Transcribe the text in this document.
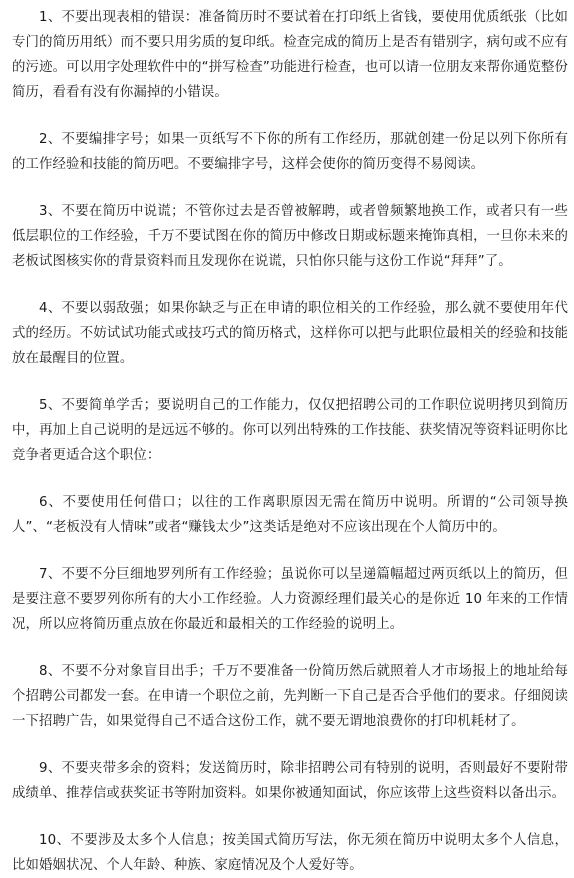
1、不要出现表相的错误：准备简历时不要试着在打印纸上省钱，要使用优质纸张（比如专门的简历用纸）而不要只用劣质的复印纸。检查完成的简历上是否有错别字，病句或不应有的污迹。可以用字处理软件中的“拼写检查”功能进行检查，也可以请一位朋友来帮你通览整份简历，看看有没有你漏掉的小错误。

2、不要编排字号；如果一页纸写不下你的所有工作经历，那就创建一份足以列下你所有的工作经验和技能的简历吧。不要编排字号，这样会使你的简历变得不易阅读。

3、不要在简历中说谎；不管你过去是否曾被解聘，或者曾频繁地换工作，或者只有一些低层职位的工作经验，千万不要试图在你的简历中修改日期或标题来掩饰真相，一旦你未来的老板试图核实你的背景资料而且发现你在说谎，只怕你只能与这份工作说“拜拜”了。

4、不要以弱敌强；如果你缺乏与正在申请的职位相关的工作经验，那么就不要使用年代式的经历。不妨试试功能式或技巧式的简历格式，这样你可以把与此职位最相关的经验和技能放在最醒目的位置。

5、不要简单学舌；要说明自己的工作能力，仅仅把招聘公司的工作职位说明拷贝到简历中，再加上自己说明的是远远不够的。你可以列出特殊的工作技能、获奖情况等资料证明你比竞争者更适合这个职位：

6、不要使用任何借口；以往的工作离职原因无需在简历中说明。所谓的“公司领导换人”、“老板没有人情味”或者“赚钱太少”这类话是绝对不应该出现在个人简历中的。

7、不要不分巨细地罗列所有工作经验；虽说你可以呈递篇幅超过两页纸以上的简历，但是要注意不要罗列你所有的大小工作经验。人力资源经理们最关心的是你近 10 年来的工作情况，所以应将简历重点放在你最近和最相关的工作经验的说明上。

8、不要不分对象盲目出手；千万不要准备一份简历然后就照着人才市场报上的地址给每个招聘公司都发一套。在申请一个职位之前，先判断一下自己是否合乎他们的要求。仔细阅读一下招聘广告，如果觉得自己不适合这份工作，就不要无谓地浪费你的打印机耗材了。

9、不要夹带多余的资料；发送简历时，除非招聘公司有特别的说明，否则最好不要附带成绩单、推荐信或获奖证书等附加资料。如果你被通知面试，你应该带上这些资料以备出示。

10、不要涉及太多个人信息；按美国式简历写法，你无须在简历中说明太多个人信息，比如婚姻状况、个人年龄、种族、家庭情况及个人爱好等。
